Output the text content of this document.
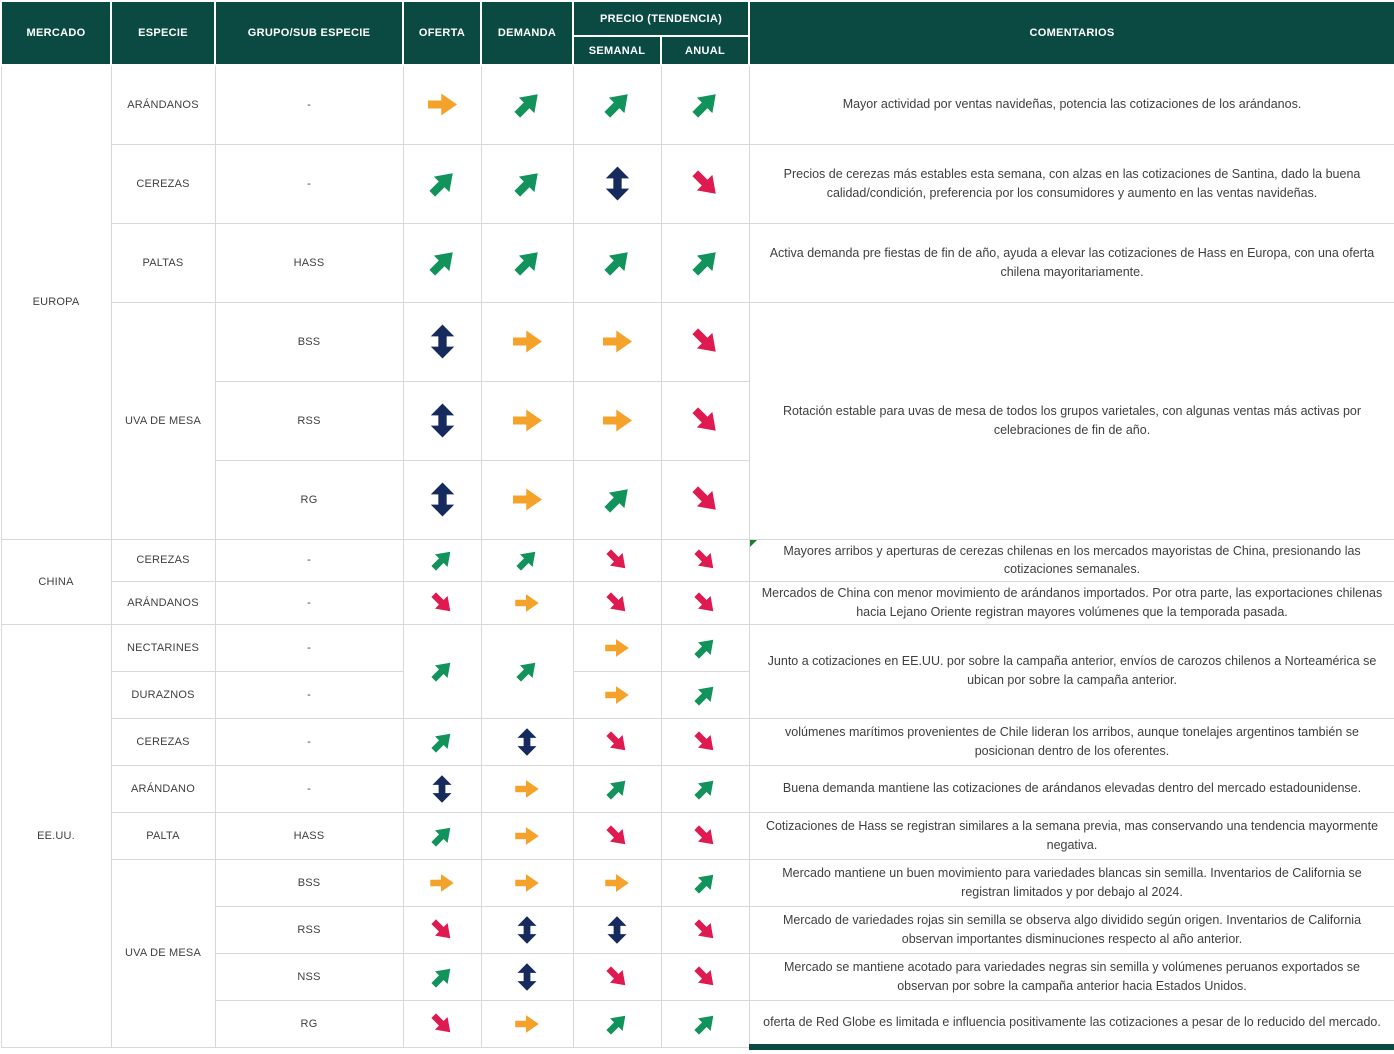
MERCADO	ESPECIE	GRUPO/SUB ESPECIE	OFERTA	DEMANDA	PRECIO (TENDENCIA)		COMENTARIOS
					SEMANAL	ANUAL	
EUROPA	ARÁNDANOS	-					Mayor actividad por ventas navideñas, potencia las cotizaciones de los arándanos.
	CEREZAS	-					Precios de cerezas más estables esta semana, con alzas en las cotizaciones de Santina, dado la buena calidad/condición, preferencia por los consumidores y aumento en las ventas navideñas.
	PALTAS	HASS					Activa demanda pre fiestas de fin de año, ayuda a elevar las cotizaciones de Hass en Europa, con una oferta chilena mayoritariamente.
	UVA DE MESA	BSS					Rotación estable para uvas de mesa de todos los grupos varietales, con algunas ventas más activas por celebraciones de fin de año.
		RSS	

		RG	

CHINA	CEREZAS	-					Mayores arribos y aperturas de cerezas chilenas en los mercados mayoristas de China, presionando las cotizaciones semanales.

	ARÁNDANOS	-					Mercados de China con menor movimiento de arándanos importados. Por otra parte, las exportaciones chilenas hacia Lejano Oriente registran mayores volúmenes que la temporada pasada.
EE.UU.	NECTARINES	-					Junto a cotizaciones en EE.UU. por sobre la campaña anterior, envíos de carozos chilenos a Norteamérica se ubican por sobre la campaña anterior.
	DURAZNOS	-	

	CEREZAS	-					volúmenes marítimos provenientes de Chile lideran los arribos, aunque tonelajes argentinos también se posicionan dentro de los oferentes.
	ARÁNDANO	-					Buena demanda mantiene las cotizaciones de arándanos elevadas dentro del mercado estadounidense.
	PALTA	HASS					Cotizaciones de Hass se registran similares a la semana previa, mas conservando una tendencia mayormente negativa.
	UVA DE MESA	BSS					Mercado mantiene un buen movimiento para variedades blancas sin semilla. Inventarios de California se registran limitados y por debajo al 2024.
		RSS					Mercado de variedades rojas sin semilla se observa algo dividido según origen. Inventarios de California observan importantes disminuciones respecto al año anterior.
		NSS					Mercado se mantiene acotado para variedades negras sin semilla y volúmenes peruanos exportados se observan por sobre la campaña anterior hacia Estados Unidos.
		RG					oferta de Red Globe es limitada e influencia positivamente las cotizaciones a pesar de lo reducido del mercado.
